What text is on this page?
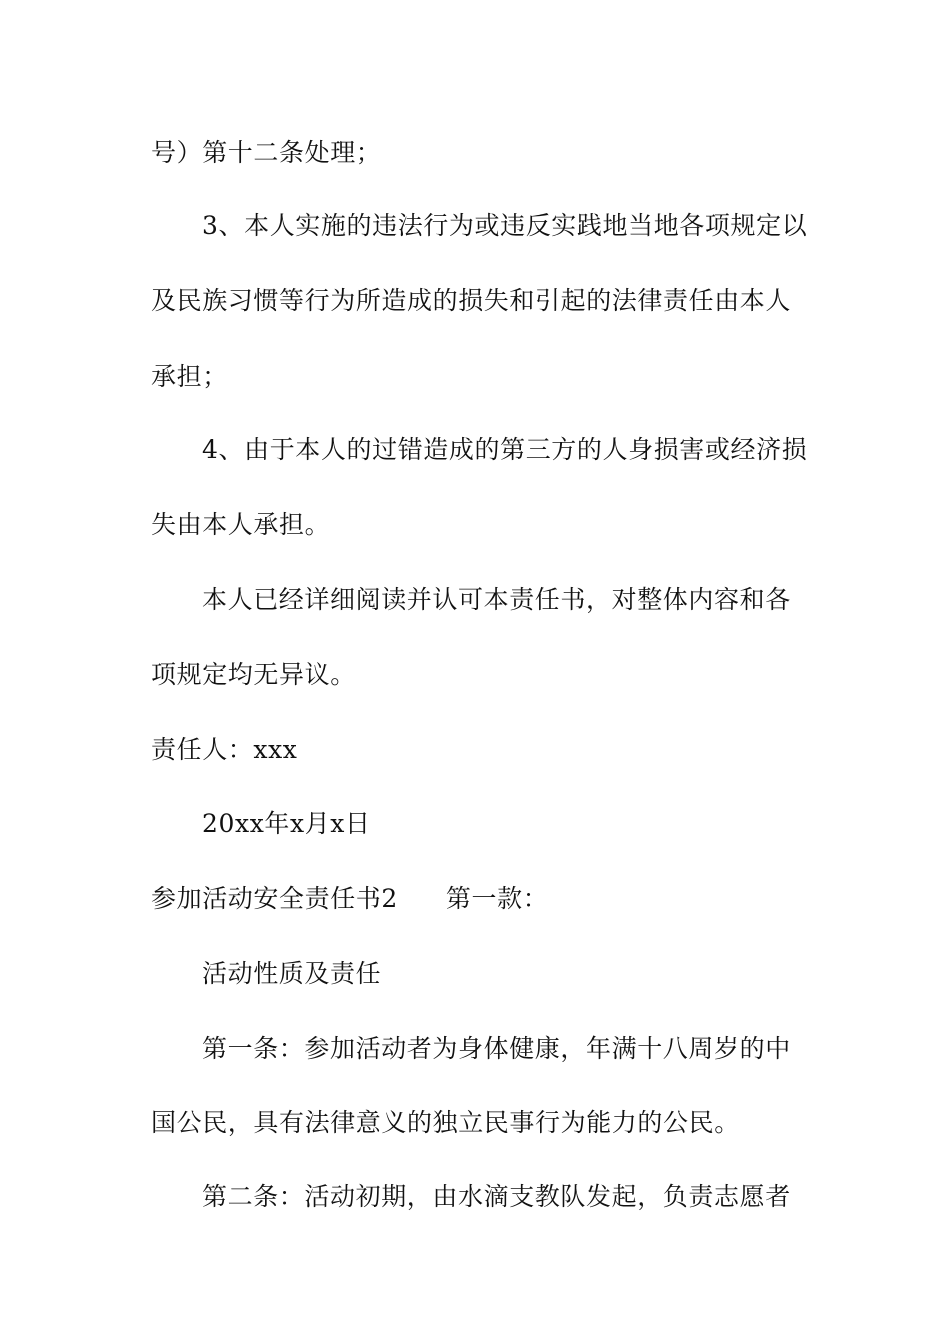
号）第十二条处理；
3、本人实施的违法行为或违反实践地当地各项规定以
及民族习惯等行为所造成的损失和引起的法律责任由本人
承担；
4、由于本人的过错造成的第三方的人身损害或经济损
失由本人承担。
本人已经详细阅读并认可本责任书，对整体内容和各
项规定均无异议。
责任人：xxx
20xx年x月x日
参加活动安全责任书2 第一款：
活动性质及责任
第一条：参加活动者为身体健康，年满十八周岁的中
国公民，具有法律意义的独立民事行为能力的公民。
第二条：活动初期，由水滴支教队发起，负责志愿者
